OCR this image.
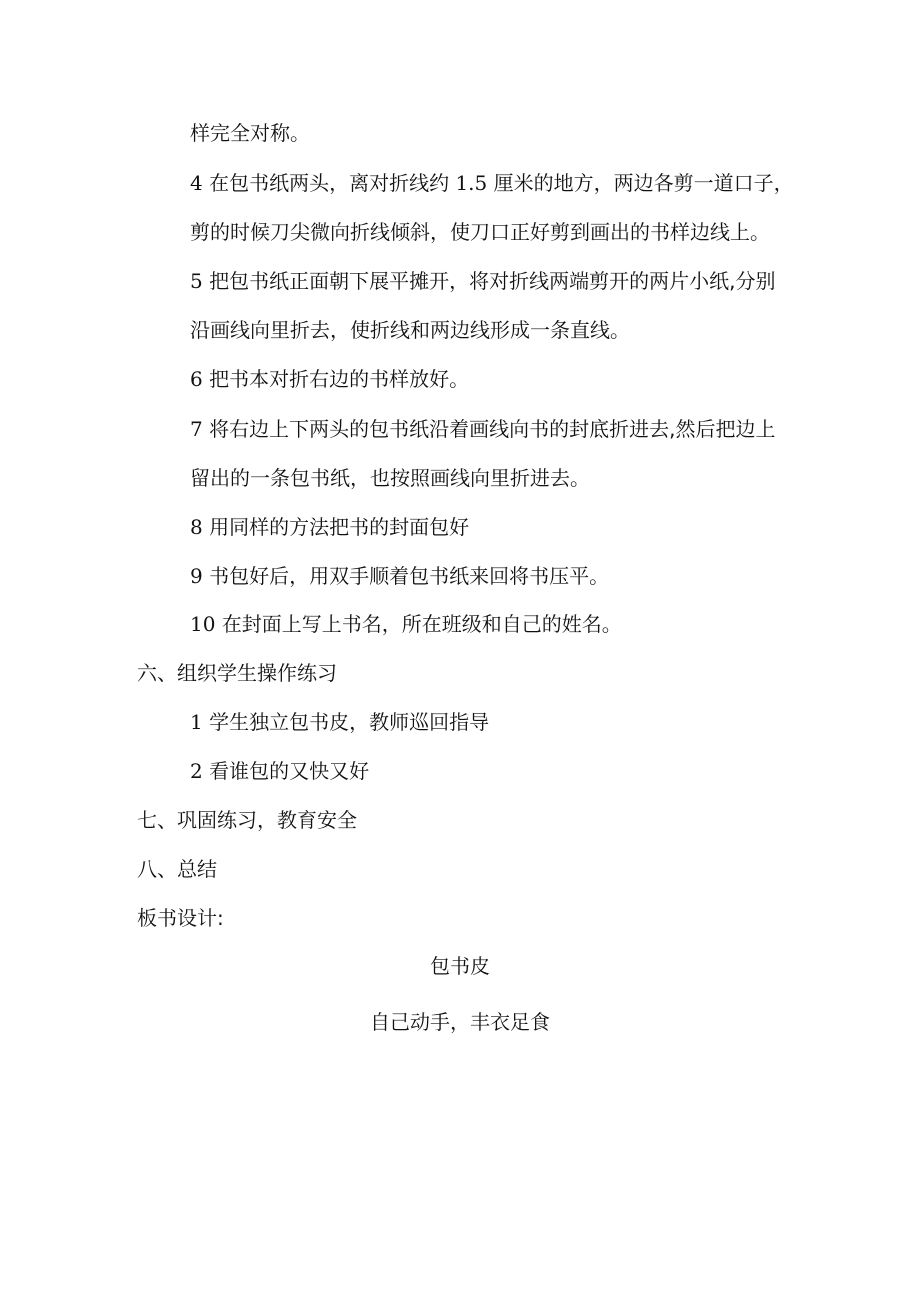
样完全对称。
4 在包书纸两头，离对折线约 1.5 厘米的地方，两边各剪一道口子，
剪的时候刀尖微向折线倾斜，使刀口正好剪到画出的书样边线上。
5 把包书纸正面朝下展平摊开，将对折线两端剪开的两片小纸,分别
沿画线向里折去，使折线和两边线形成一条直线。
6 把书本对折右边的书样放好。
7 将右边上下两头的包书纸沿着画线向书的封底折进去,然后把边上
留出的一条包书纸，也按照画线向里折进去。
8 用同样的方法把书的封面包好
9 书包好后，用双手顺着包书纸来回将书压平。
10 在封面上写上书名，所在班级和自己的姓名。
六、组织学生操作练习
1 学生独立包书皮，教师巡回指导
2 看谁包的又快又好
七、巩固练习，教育安全
八、总结
板书设计:
包书皮
自己动手，丰衣足食
